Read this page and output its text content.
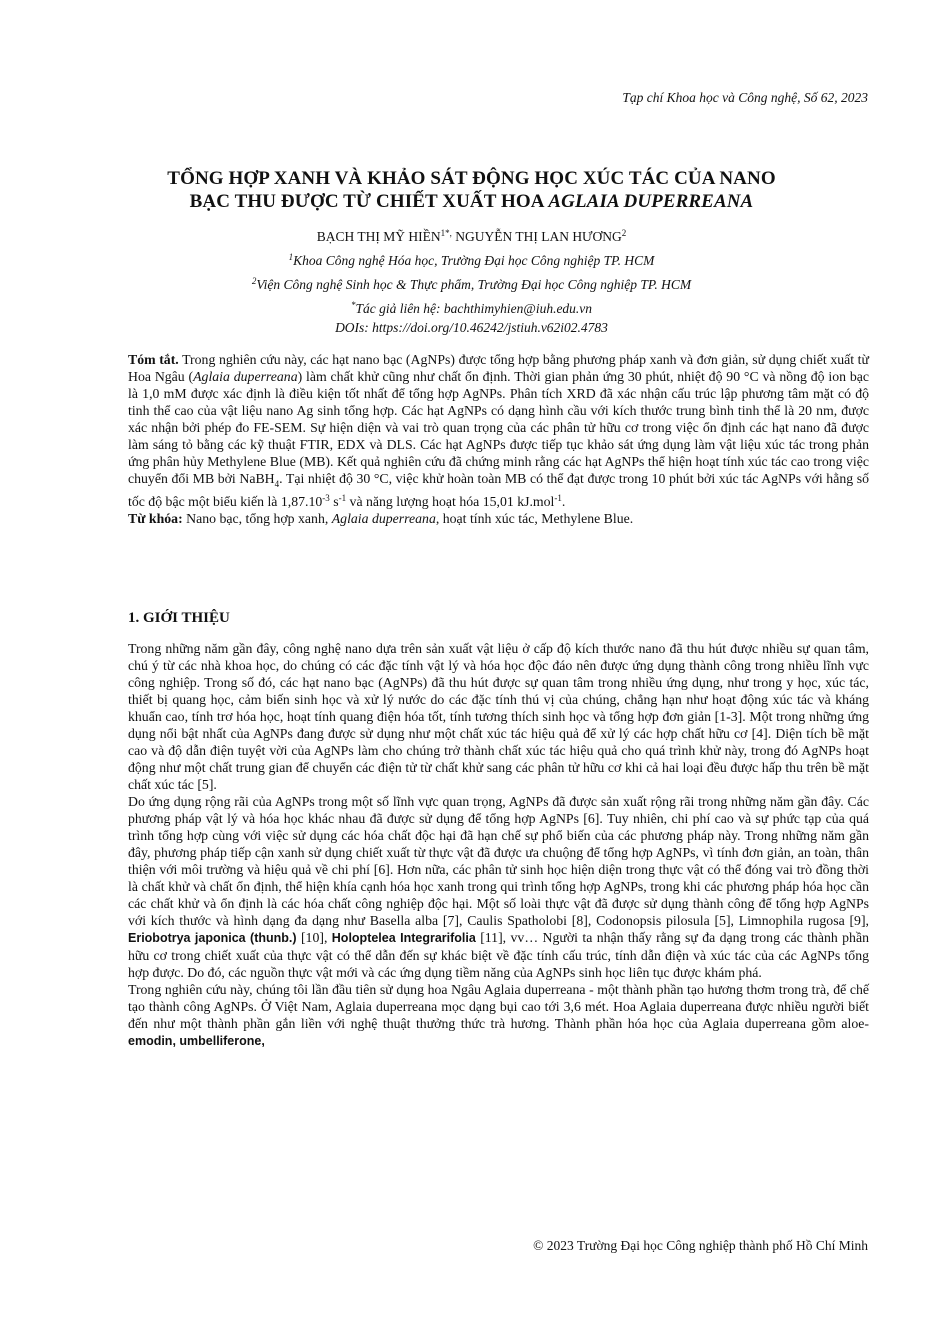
Tạp chí Khoa học và Công nghệ, Số 62, 2023
TỔNG HỢP XANH VÀ KHẢO SÁT ĐỘNG HỌC XÚC TÁC CỦA NANO
BẠC THU ĐƯỢC TỪ CHIẾT XUẤT HOA AGLAIA DUPERREANA
BẠCH THỊ MỸ HIỀN$^{1*,}$ NGUYỄN THỊ LAN HƯƠNG$^2$
$^1$Khoa Công nghệ Hóa học, Trường Đại học Công nghiệp TP. HCM
$^2$Viện Công nghệ Sinh học & Thực phẩm, Trường Đại học Công nghiệp TP. HCM
*Tác giả liên hệ: bachthimyhien@iuh.edu.vn
DOIs: https://doi.org/10.46242/jstiuh.v62i02.4783

Tóm tắt. Trong nghiên cứu này, các hạt nano bạc (AgNPs) được tổng hợp bằng phương pháp xanh và đơn giản, sử dụng chiết xuất từ Hoa Ngâu (Aglaia duperreana) làm chất khử cũng như chất ổn định. Thời gian phản ứng 30 phút, nhiệt độ 90 °C và nồng độ ion bạc là 1,0 mM được xác định là điều kiện tốt nhất để tổng hợp AgNPs. Phân tích XRD đã xác nhận cấu trúc lập phương tâm mặt có độ tinh thể cao của vật liệu nano Ag sinh tổng hợp. Các hạt AgNPs có dạng hình cầu với kích thước trung bình tinh thể là 20 nm, được xác nhận bởi phép đo FE-SEM. Sự hiện diện và vai trò quan trọng của các phân tử hữu cơ trong việc ổn định các hạt nano đã được làm sáng tỏ bằng các kỹ thuật FTIR, EDX và DLS. Các hạt AgNPs được tiếp tục khảo sát ứng dụng làm vật liệu xúc tác trong phản ứng phân hủy Methylene Blue (MB). Kết quả nghiên cứu đã chứng minh rằng các hạt AgNPs thể hiện hoạt tính xúc tác cao trong việc chuyển đổi MB bởi NaBH$_4$. Tại nhiệt độ 30 °C, việc khử hoàn toàn MB có thể đạt được trong 10 phút bởi xúc tác AgNPs với hằng số tốc độ bậc một biểu kiến là $1,87.10^{-3}$ $s^{-1}$ và năng lượng hoạt hóa 15,01 kJ.mol$^{-1}$.

Từ khóa: Nano bạc, tổng hợp xanh, Aglaia duperreana, hoạt tính xúc tác, Methylene Blue.

1. GIỚI THIỆU

Trong những năm gần đây, công nghệ nano dựa trên sản xuất vật liệu ở cấp độ kích thước nano đã thu hút được nhiều sự quan tâm, chú ý từ các nhà khoa học, do chúng có các đặc tính vật lý và hóa học độc đáo nên được ứng dụng thành công trong nhiều lĩnh vực công nghiệp. Trong số đó, các hạt nano bạc (AgNPs) đã thu hút được sự quan tâm trong nhiều ứng dụng, như trong y học, xúc tác, thiết bị quang học, cảm biến sinh học và xử lý nước do các đặc tính thú vị của chúng, chẳng hạn như hoạt động xúc tác và kháng khuẩn cao, tính trơ hóa học, hoạt tính quang điện hóa tốt, tính tương thích sinh học và tổng hợp đơn giản [1-3]. Một trong những ứng dụng nổi bật nhất của AgNPs đang được sử dụng như một chất xúc tác hiệu quả để xử lý các hợp chất hữu cơ [4]. Diện tích bề mặt cao và độ dẫn điện tuyệt vời của AgNPs làm cho chúng trở thành chất xúc tác hiệu quả cho quá trình khử này, trong đó AgNPs hoạt động như một chất trung gian để chuyển các điện tử từ chất khử sang các phân tử hữu cơ khi cả hai loại đều được hấp thu trên bề mặt chất xúc tác [5].

Do ứng dụng rộng rãi của AgNPs trong một số lĩnh vực quan trọng, AgNPs đã được sản xuất rộng rãi trong những năm gần đây. Các phương pháp vật lý và hóa học khác nhau đã được sử dụng để tổng hợp AgNPs [6]. Tuy nhiên, chi phí cao và sự phức tạp của quá trình tổng hợp cùng với việc sử dụng các hóa chất độc hại đã hạn chế sự phổ biến của các phương pháp này. Trong những năm gần đây, phương pháp tiếp cận xanh sử dụng chiết xuất từ thực vật đã được ưa chuộng để tổng hợp AgNPs, vì tính đơn giản, an toàn, thân thiện với môi trường và hiệu quả về chi phí [6]. Hơn nữa, các phân tử sinh học hiện diện trong thực vật có thể đóng vai trò đồng thời là chất khử và chất ổn định, thể hiện khía cạnh hóa học xanh trong qui trình tổng hợp AgNPs, trong khi các phương pháp hóa học cần các chất khử và ổn định là các hóa chất công nghiệp độc hại. Một số loài thực vật đã được sử dụng thành công để tổng hợp AgNPs với kích thước và hình dạng đa dạng như Basella alba [7], Caulis Spatholobi [8], Codonopsis pilosula [5], Limnophila rugosa [9], Eriobotrya japonica (thunb.) [10], Holoptelea Integrarifolia [11], vv… Người ta nhận thấy rằng sự đa dạng trong các thành phần hữu cơ trong chiết xuất của thực vật có thể dẫn đến sự khác biệt về đặc tính cấu trúc, tính dẫn điện và xúc tác của các AgNPs tổng hợp được. Do đó, các nguồn thực vật mới và các ứng dụng tiềm năng của AgNPs sinh học liên tục được khám phá.

Trong nghiên cứu này, chúng tôi lần đầu tiên sử dụng hoa Ngâu Aglaia duperreana - một thành phần tạo hương thơm trong trà, để chế tạo thành công AgNPs. Ở Việt Nam, Aglaia duperreana mọc dạng bụi cao tới 3,6 mét. Hoa Aglaia duperreana được nhiều người biết đến như một thành phần gắn liền với nghệ thuật thưởng thức trà hương. Thành phần hóa học của Aglaia duperreana gồm aloe-emodin, umbelliferone,

© 2023 Trường Đại học Công nghiệp thành phố Hồ Chí Minh
